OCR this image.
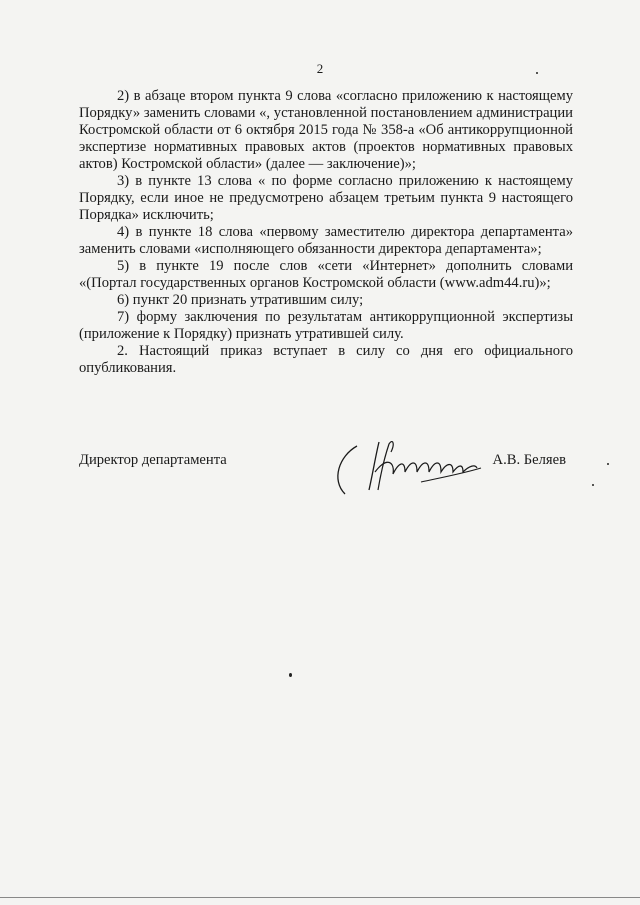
2

2) в абзаце втором пункта 9 слова «согласно приложению к настоящему Порядку» заменить словами «, установленной постановлением администрации Костромской области от 6 октября 2015 года № 358-а «Об антикоррупционной экспертизе нормативных правовых актов (проектов нормативных правовых актов) Костромской области» (далее — заключение)»;

3) в пункте 13 слова « по форме согласно приложению к настоящему Порядку, если иное не предусмотрено абзацем третьим пункта 9 настоящего Порядка» исключить;

4) в пункте 18 слова «первому заместителю директора департамента» заменить словами «исполняющего обязанности директора департамента»;

5) в пункте 19 после слов «сети «Интернет» дополнить словами «(Портал государственных органов Костромской области (www.adm44.ru)»;

6) пункт 20 признать утратившим силу;

7) форму заключения по результатам антикоррупционной экспертизы (приложение к Порядку) признать утратившей силу.

2. Настоящий приказ вступает в силу со дня его официального опубликования.

Директор департамента	А.В. Беляев
